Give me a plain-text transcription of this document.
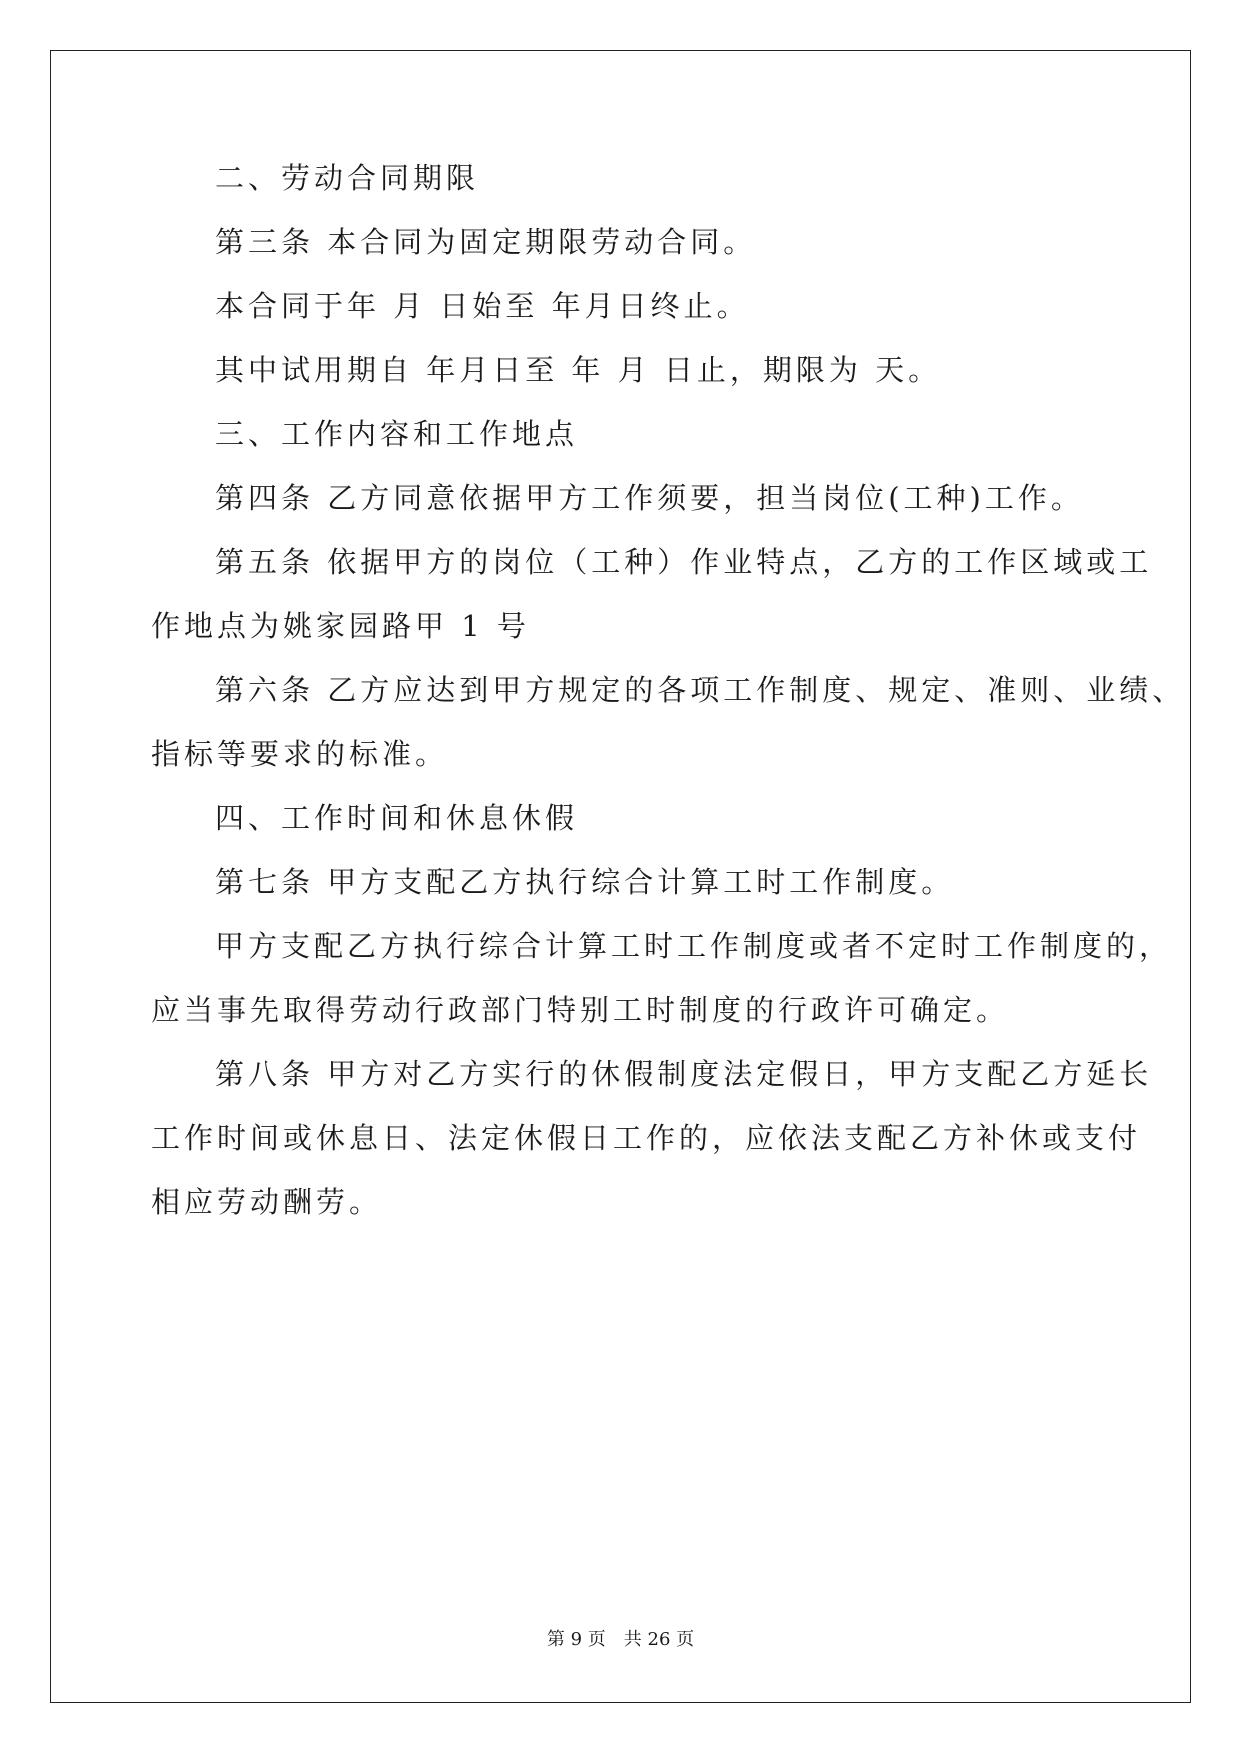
二、劳动合同期限
第三条 本合同为固定期限劳动合同。
本合同于年 月 日始至 年月日终止。
其中试用期自 年月日至 年 月 日止，期限为 天。
三、工作内容和工作地点
第四条 乙方同意依据甲方工作须要，担当岗位(工种)工作。
第五条 依据甲方的岗位（工种）作业特点，乙方的工作区域或工
作地点为姚家园路甲 1 号
第六条 乙方应达到甲方规定的各项工作制度、规定、准则、业绩、
指标等要求的标准。
四、工作时间和休息休假
第七条 甲方支配乙方执行综合计算工时工作制度。
甲方支配乙方执行综合计算工时工作制度或者不定时工作制度的，
应当事先取得劳动行政部门特别工时制度的行政许可确定。
第八条 甲方对乙方实行的休假制度法定假日，甲方支配乙方延长
工作时间或休息日、法定休假日工作的，应依法支配乙方补休或支付
相应劳动酬劳。
第 9 页 共 26 页
